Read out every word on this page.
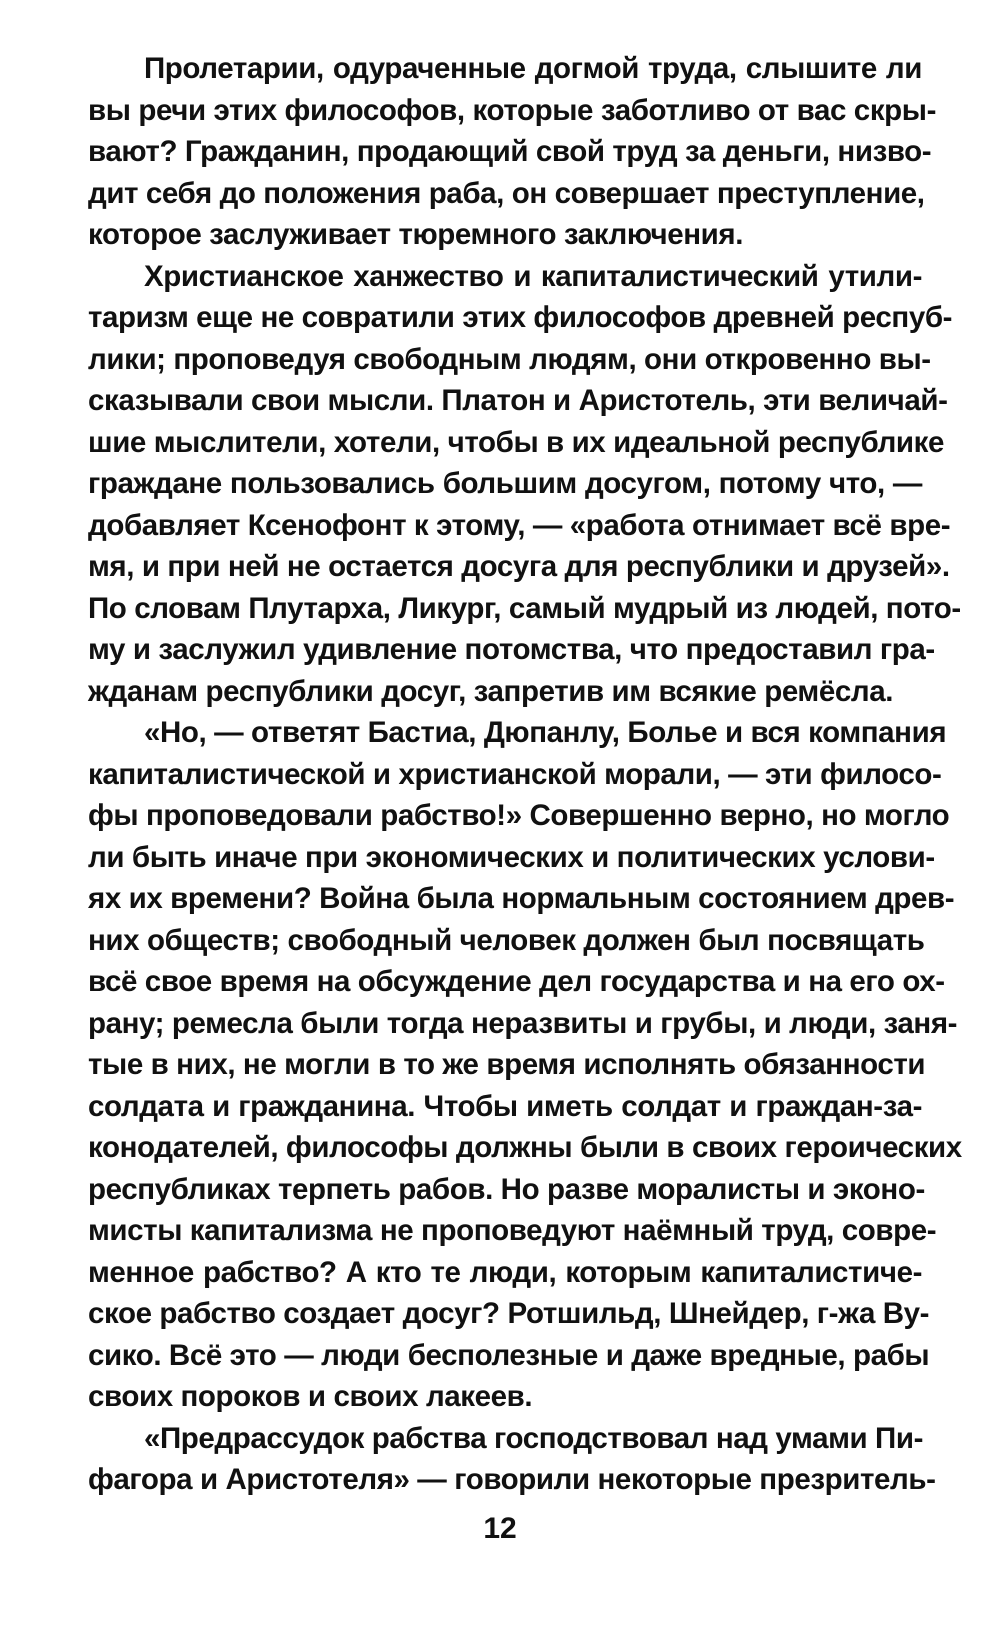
Пролетарии, одураченные догмой труда, слышите ли
вы речи этих философов, которые заботливо от вас скры-
вают? Гражданин, продающий свой труд за деньги, низво-
дит себя до положения раба, он совершает преступление,
которое заслуживает тюремного заключения.
Христианское ханжество и капиталистический утили-
таризм еще не совратили этих философов древней респуб-
лики; проповедуя свободным людям, они откровенно вы-
сказывали свои мысли. Платон и Аристотель, эти величай-
шие мыслители, хотели, чтобы в их идеальной республике
граждане пользовались большим досугом, потому что, —
добавляет Ксенофонт к этому, — «работа отнимает всё вре-
мя, и при ней не остается досуга для республики и друзей».
По словам Плутарха, Ликург, самый мудрый из людей, пото-
му и заслужил удивление потомства, что предоставил гра-
жданам республики досуг, запретив им всякие ремёсла.
«Но, — ответят Бастиа, Дюпанлу, Болье и вся компания
капиталистической и христианской морали, — эти филосо-
фы проповедовали рабство!» Совершенно верно, но могло
ли быть иначе при экономических и политических услови-
ях их времени? Война была нормальным состоянием древ-
них обществ; свободный человек должен был посвящать
всё свое время на обсуждение дел государства и на его ох-
рану; ремесла были тогда неразвиты и грубы, и люди, заня-
тые в них, не могли в то же время исполнять обязанности
солдата и гражданина. Чтобы иметь солдат и граждан-за-
конодателей, философы должны были в своих героических
республиках терпеть рабов. Но разве моралисты и эконо-
мисты капитализма не проповедуют наёмный труд, совре-
менное рабство? А кто те люди, которым капиталистиче-
ское рабство создает досуг? Ротшильд, Шнейдер, г-жа Ву-
сико. Всё это — люди бесполезные и даже вредные, рабы
своих пороков и своих лакеев.
«Предрассудок рабства господствовал над умами Пи-
фагора и Аристотеля» — говорили некоторые презритель-
12
